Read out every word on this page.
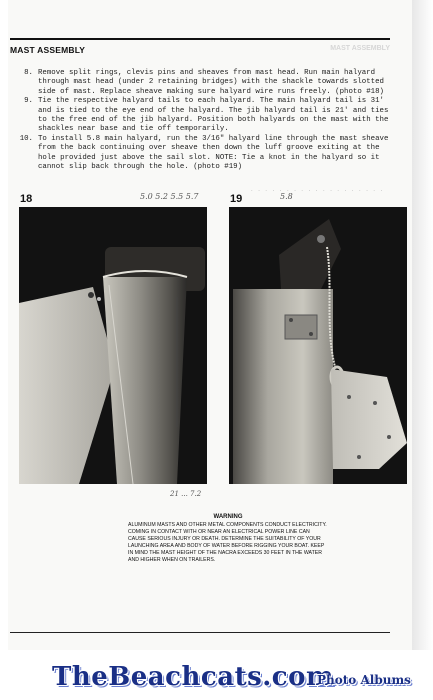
MAST ASSEMBLY	MAST ASSEMBLY

8. Remove split rings, clevis pins and sheaves from mast head. Run main halyard through mast head (under 2 retaining bridges) with the shackle towards slotted side of mast. Replace sheave making sure halyard wire runs freely. (photo #18)

9. Tie the respective halyard tails to each halyard. The main halyard tail is 31' and is tied to the eye end of the halyard. The jib halyard tail is 21' and ties to the free end of the jib halyard. Position both halyards on the mast with the shackles near base and tie off temporarily.

10. To install 5.8 main halyard, run the 3/16" halyard line through the mast sheave from the back continuing over sheave then down the luff groove exiting at the hole provided just above the sail slot. NOTE: Tie a knot in the halyard so it cannot slip back through the hole. (photo #19)

. . . . . . . . . . . . . . . . . . .
18	5.0 5.2 5.5 5.7	19	5.8
21 ... 7.2
WARNING
ALUMINUM MASTS AND OTHER METAL COMPONENTS CONDUCT ELECTRICITY. COMING IN CONTACT WITH OR NEAR AN ELECTRICAL POWER LINE CAN CAUSE SERIOUS INJURY OR DEATH. DETERMINE THE SUITABILITY OF YOUR LAUNCHING AREA AND BODY OF WATER BEFORE RIGGING YOUR BOAT. KEEP IN MIND THE MAST HEIGHT OF THE NACRA EXCEEDS 30 FEET IN THE WATER AND HIGHER WHEN ON TRAILERS.
TheBeachcats.com
Photo Albums
